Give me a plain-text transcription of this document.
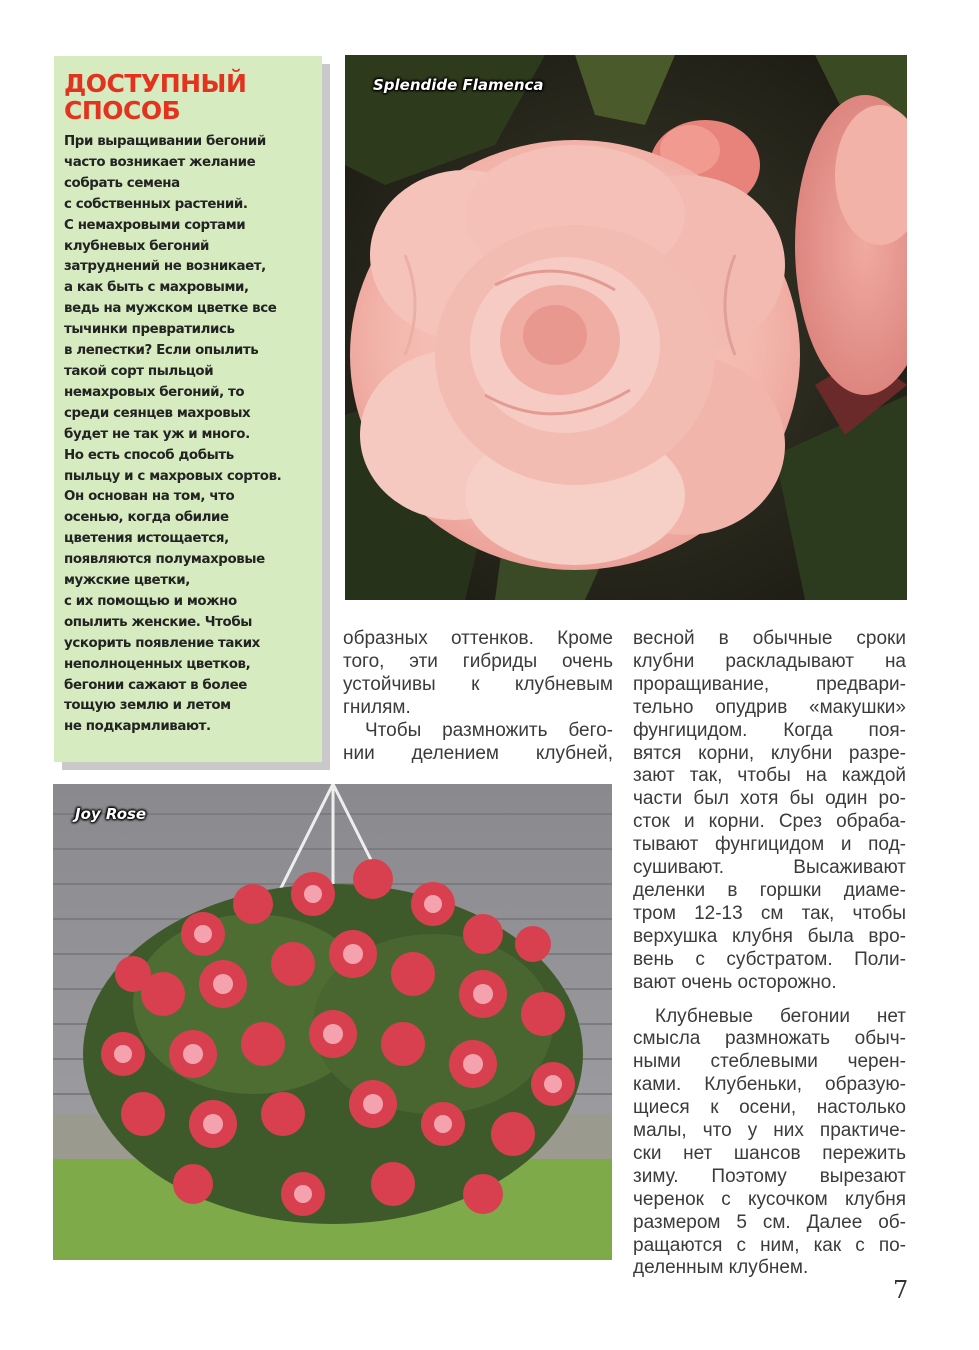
ДОСТУПНЫЙ
СПОСОБ

При выращивании бегоний
часто возникает желание
собрать семена
с собственных растений.
С немахровыми сортами
клубневых бегоний
затруднений не возникает,
а как быть с махровыми,
ведь на мужском цветке все
тычинки превратились
в лепестки? Если опылить
такой сорт пыльцой
немахровых бегоний, то
среди сеянцев махровых
будет не так уж и много.
Но есть способ добыть
пыльцу и с махровых сортов.
Он основан на том, что
осенью, когда обилие
цветения истощается,
появляются полумахровые
мужские цветки,
с их помощью и можно
опылить женские. Чтобы
ускорить появление таких
неполноценных цветков,
бегонии сажают в более
тощую землю и летом
не подкармливают.

Splendide Flamenca
Joy Rose
образных оттенков. Кроме
того, эти гибриды очень
устойчивы к клубневым
гнилям.
Чтобы размножить бего-
нии делением клубней,
весной в обычные сроки
клубни раскладывают на
проращивание, предвари-
тельно опудрив «макушки»
фунгицидом. Когда поя-
вятся корни, клубни разре-
зают так, чтобы на каждой
части был хотя бы один ро-
сток и корни. Срез обраба-
тывают фунгицидом и под-
сушивают. Высаживают
деленки в горшки диаме-
тром 12-13 см так, чтобы
верхушка клубня была вро-
вень с субстратом. Поли-
вают очень осторожно.
Клубневые бегонии нет
смысла размножать обыч-
ными стеблевыми черен-
ками. Клубеньки, образую-
щиеся к осени, настолько
малы, что у них практиче-
ски нет шансов пережить
зиму. Поэтому вырезают
черенок с кусочком клубня
размером 5 см. Далее об-
ращаются с ним, как с по-
деленным клубнем.
7
